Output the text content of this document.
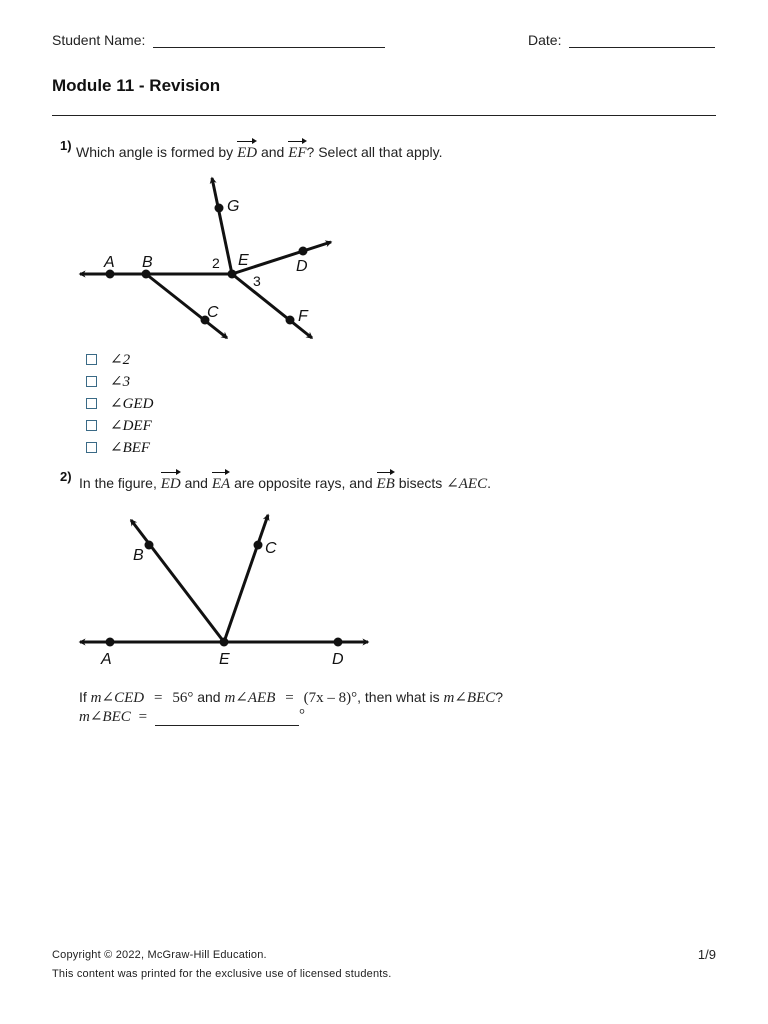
Student Name:	Date:
Module 11 - Revision
1) Which angle is formed by ED and EF? Select all that apply.
A B
C
G
E	D
F
2
3
A	E	D
B	C
∠2
∠3
∠GED
∠DEF
∠BEF
2) In the figure, ED and EA are opposite rays, and EB bisects ∠AEC.
If m∠CED = 56° and m∠AEB = (7x – 8)°, then what is m∠BEC?
m∠BEC =	°
Copyright © 2022, McGraw-Hill Education.
This content was printed for the exclusive use of licensed students.
1/9
